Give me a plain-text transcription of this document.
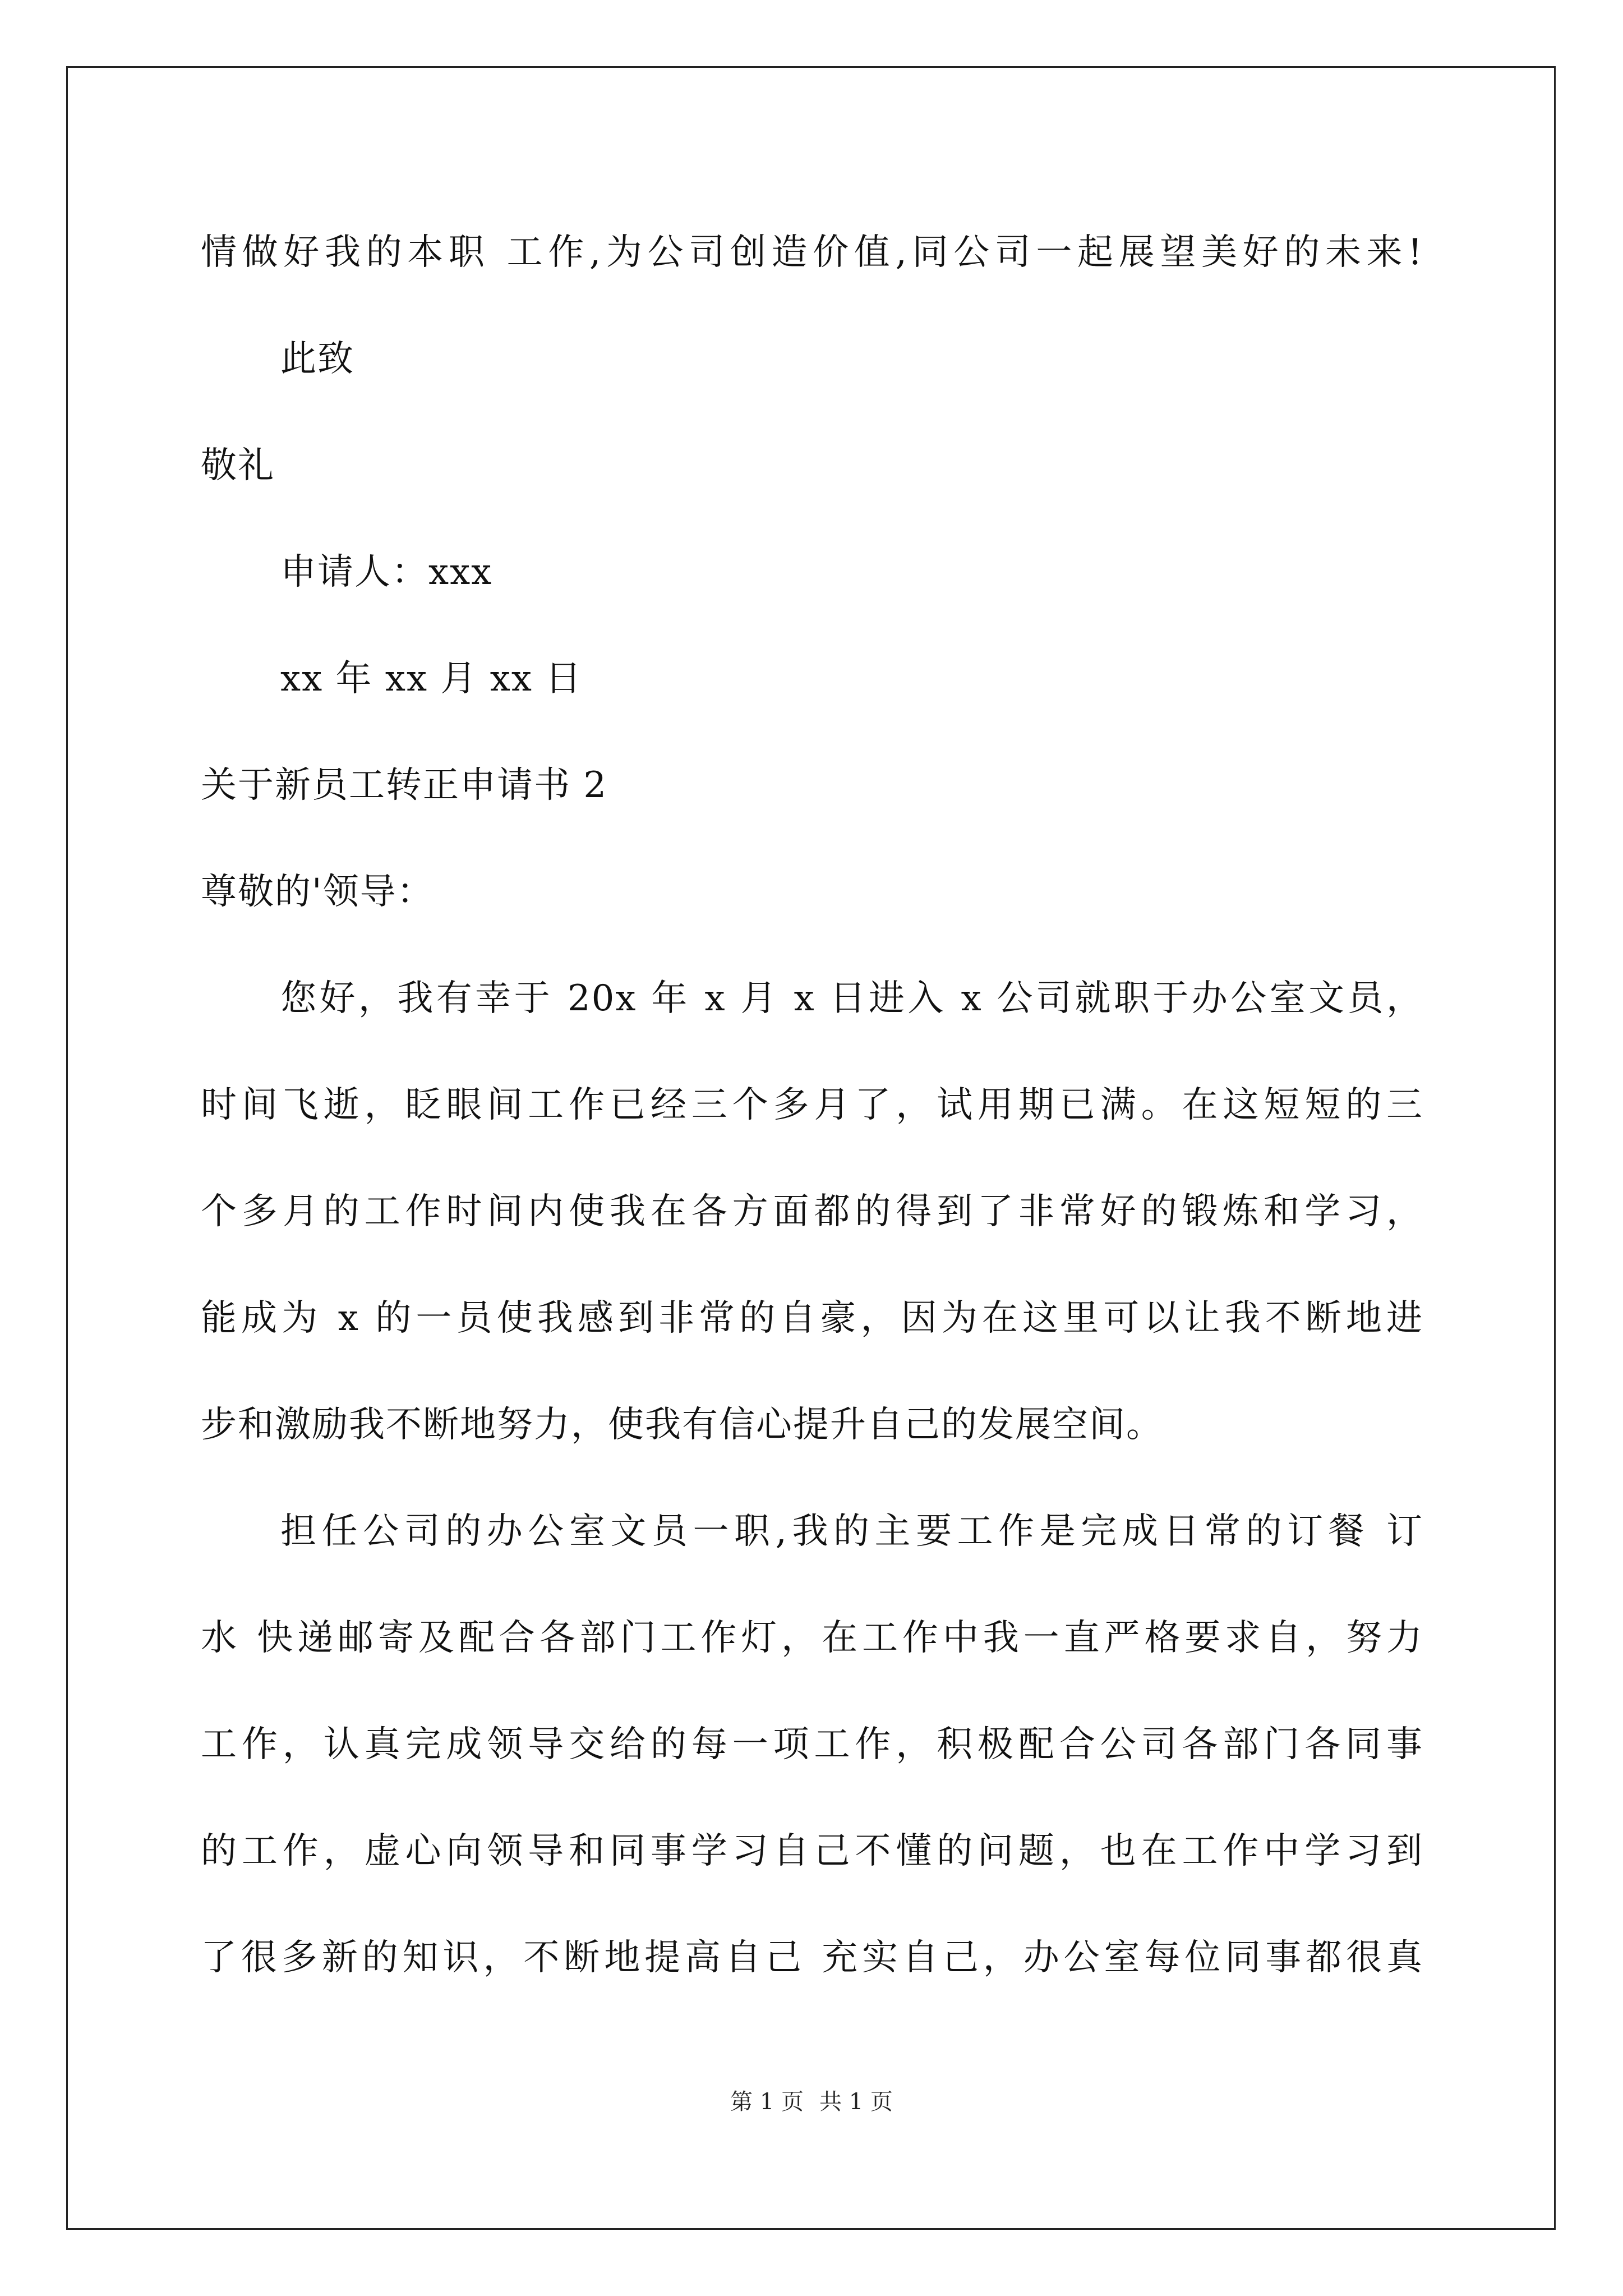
情做好我的本职 工作,为公司创造价值,同公司一起展望美好的未来!
此致
敬礼
申请人：xxx
xx 年 xx 月 xx 日
关于新员工转正申请书 2
尊敬的'领导：
您好，我有幸于 20x 年 x 月 x 日进入 x 公司就职于办公室文员，
时间飞逝，眨眼间工作已经三个多月了，试用期已满。在这短短的三
个多月的工作时间内使我在各方面都的得到了非常好的锻炼和学习，
能成为 x 的一员使我感到非常的自豪，因为在这里可以让我不断地进
步和激励我不断地努力，使我有信心提升自己的发展空间。
担任公司的办公室文员一职,我的主要工作是完成日常的订餐 订
水 快递邮寄及配合各部门工作灯，在工作中我一直严格要求自，努力
工作，认真完成领导交给的每一项工作，积极配合公司各部门各同事
的工作，虚心向领导和同事学习自己不懂的问题，也在工作中学习到
了很多新的知识，不断地提高自己 充实自己，办公室每位同事都很真
第 1 页 共 1 页
